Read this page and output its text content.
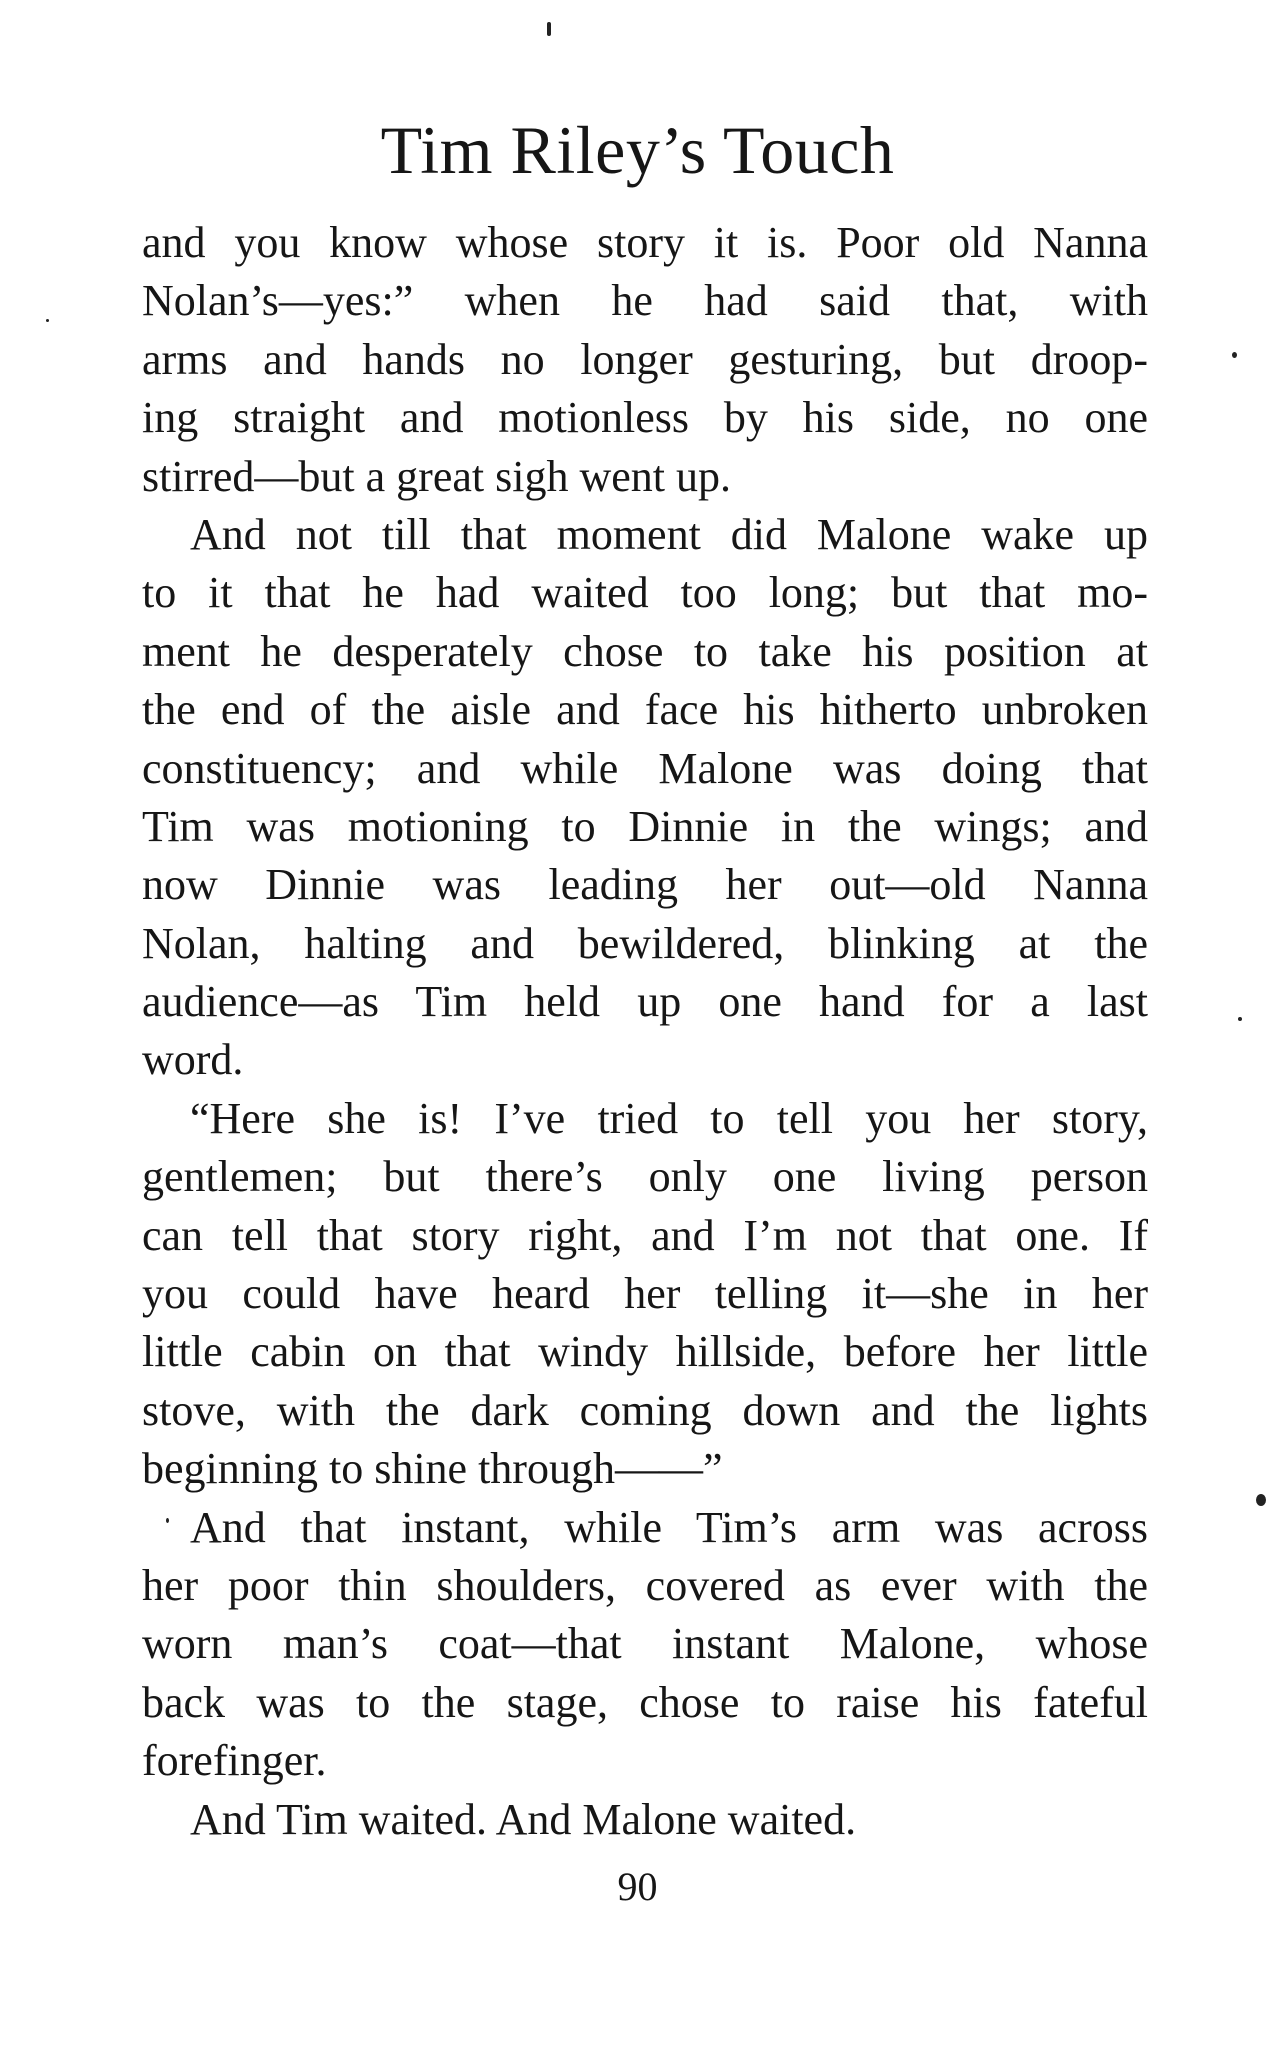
Tim Riley’s Touch
and you know whose story it is. Poor old Nanna
Nolan’s—yes:” when he had said that, with
arms and hands no longer gesturing, but droop-
ing straight and motionless by his side, no one
stirred—but a great sigh went up.
And not till that moment did Malone wake up
to it that he had waited too long; but that mo-
ment he desperately chose to take his position at
the end of the aisle and face his hitherto unbroken
constituency; and while Malone was doing that
Tim was motioning to Dinnie in the wings; and
now Dinnie was leading her out—old Nanna
Nolan, halting and bewildered, blinking at the
audience—as Tim held up one hand for a last
word.
“Here she is! I’ve tried to tell you her story,
gentlemen; but there’s only one living person
can tell that story right, and I’m not that one. If
you could have heard her telling it—she in her
little cabin on that windy hillside, before her little
stove, with the dark coming down and the lights
beginning to shine through——”
And that instant, while Tim’s arm was across
her poor thin shoulders, covered as ever with the
worn man’s coat—that instant Malone, whose
back was to the stage, chose to raise his fateful
forefinger.
And Tim waited. And Malone waited.
90
